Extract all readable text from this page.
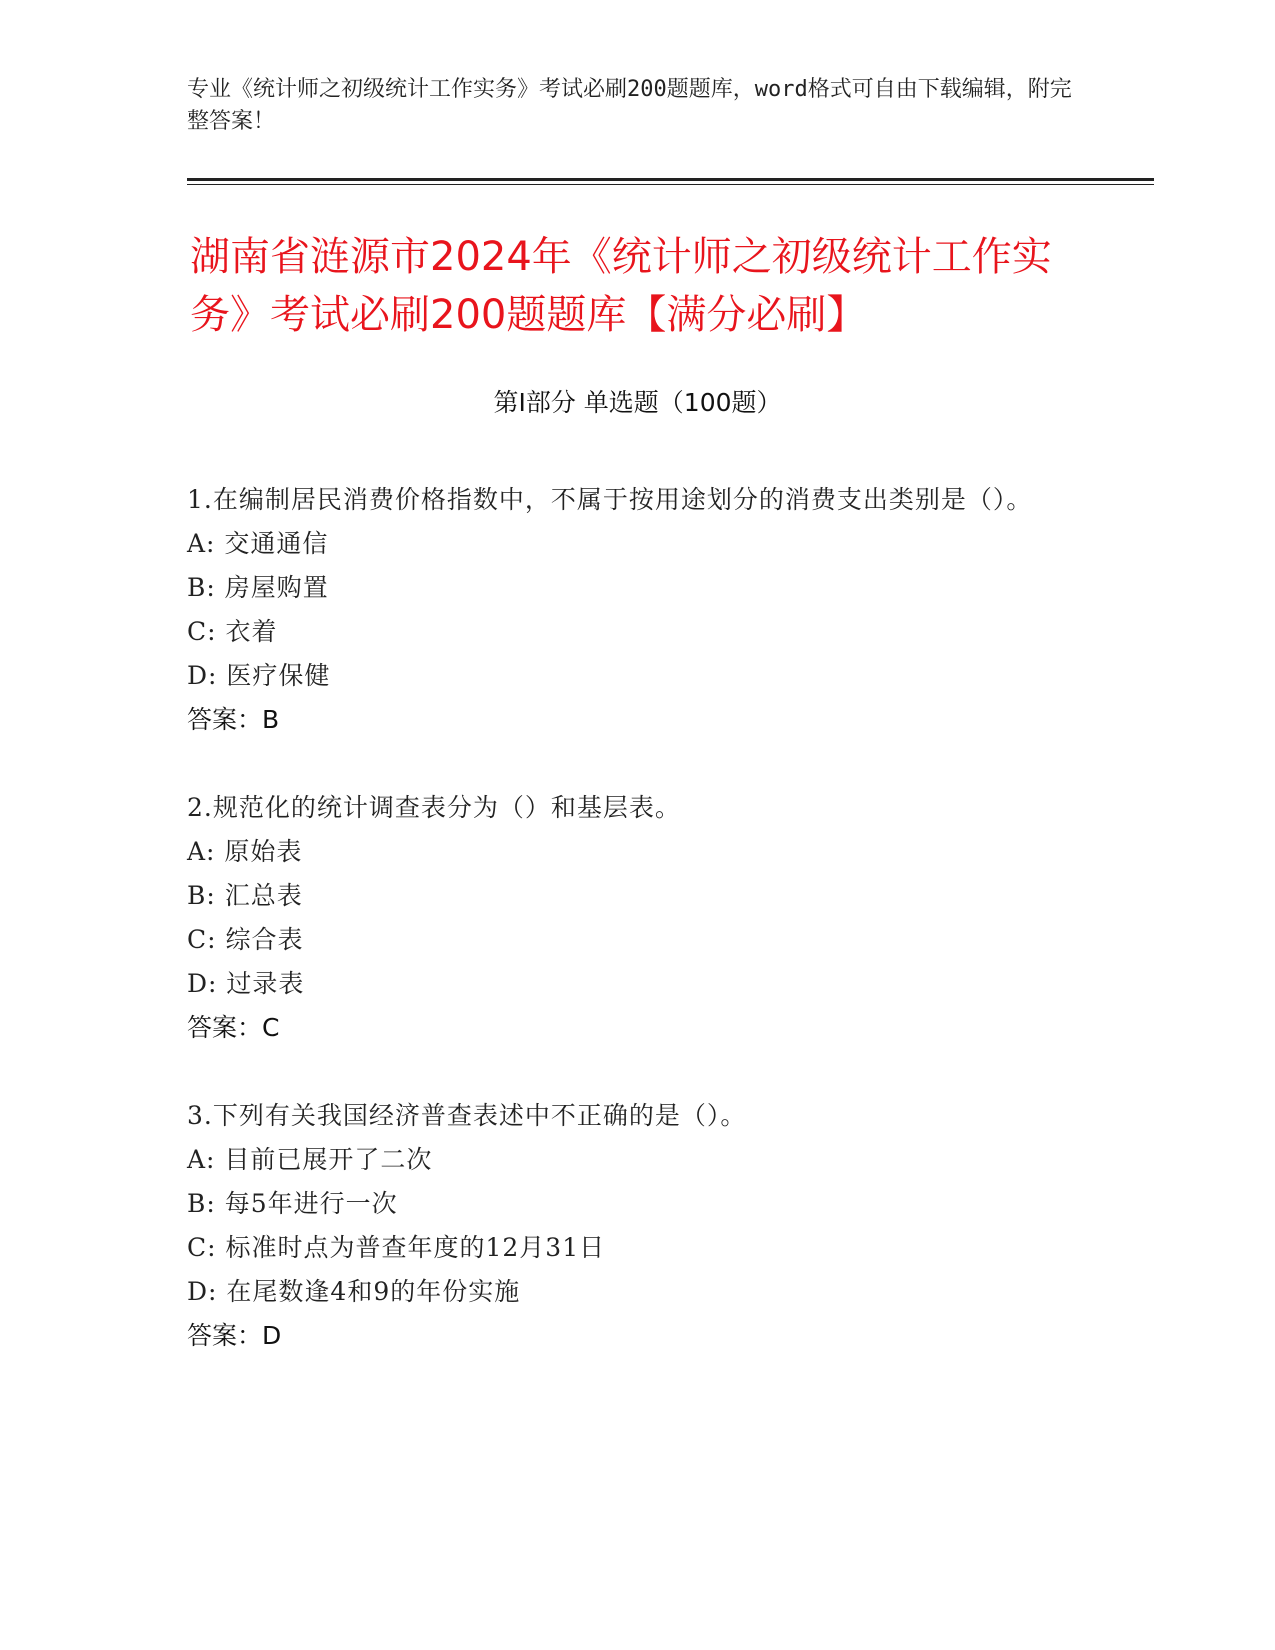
专业《统计师之初级统计工作实务》考试必刷200题题库，word格式可自由下载编辑，附完整答案！
湖南省涟源市2024年《统计师之初级统计工作实务》考试必刷200题题库【满分必刷】
第I部分 单选题（100题）
1.在编制居民消费价格指数中，不属于按用途划分的消费支出类别是（）。
A: 交通通信
B: 房屋购置
C: 衣着
D: 医疗保健
答案：B
2.规范化的统计调查表分为（）和基层表。
A: 原始表
B: 汇总表
C: 综合表
D: 过录表
答案：C
3.下列有关我国经济普查表述中不正确的是（）。
A: 目前已展开了二次
B: 每5年进行一次
C: 标准时点为普查年度的12月31日
D: 在尾数逢4和9的年份实施
答案：D
